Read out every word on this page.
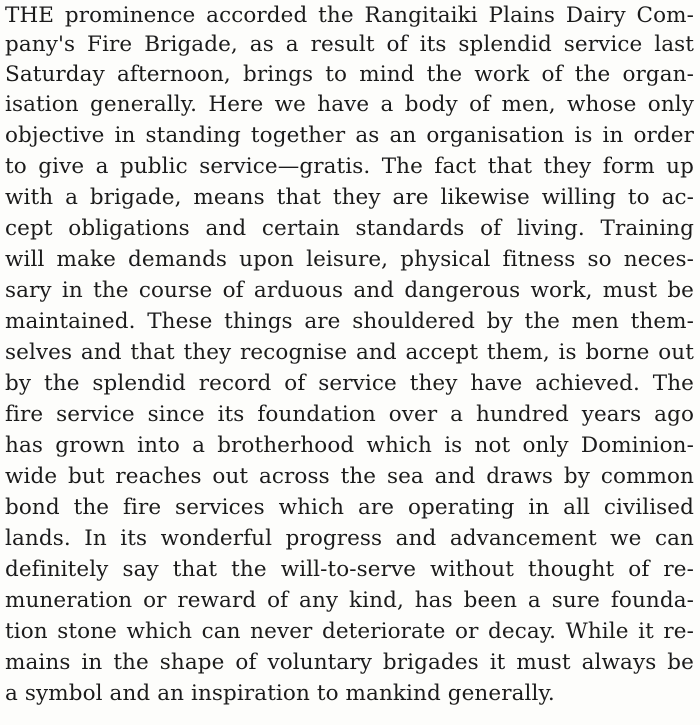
THE prominence accorded the Rangitaiki Plains Dairy Com-

pany's Fire Brigade, as a result of its splendid service last

Saturday afternoon, brings to mind the work of the organ-

isation generally. Here we have a body of men, whose only

objective in standing together as an organisation is in order

to give a public service—gratis. The fact that they form up

with a brigade, means that they are likewise willing to ac-

cept obligations and certain standards of living. Training

will make demands upon leisure, physical fitness so neces-

sary in the course of arduous and dangerous work, must be

maintained. These things are shouldered by the men them-

selves and that they recognise and accept them, is borne out

by the splendid record of service they have achieved. The

fire service since its foundation over a hundred years ago

has grown into a brotherhood which is not only Dominion-

wide but reaches out across the sea and draws by common

bond the fire services which are operating in all civilised

lands. In its wonderful progress and advancement we can

definitely say that the will-to-serve without thought of re-

muneration or reward of any kind, has been a sure founda-

tion stone which can never deteriorate or decay. While it re-

mains in the shape of voluntary brigades it must always be

a symbol and an inspiration to mankind generally.
